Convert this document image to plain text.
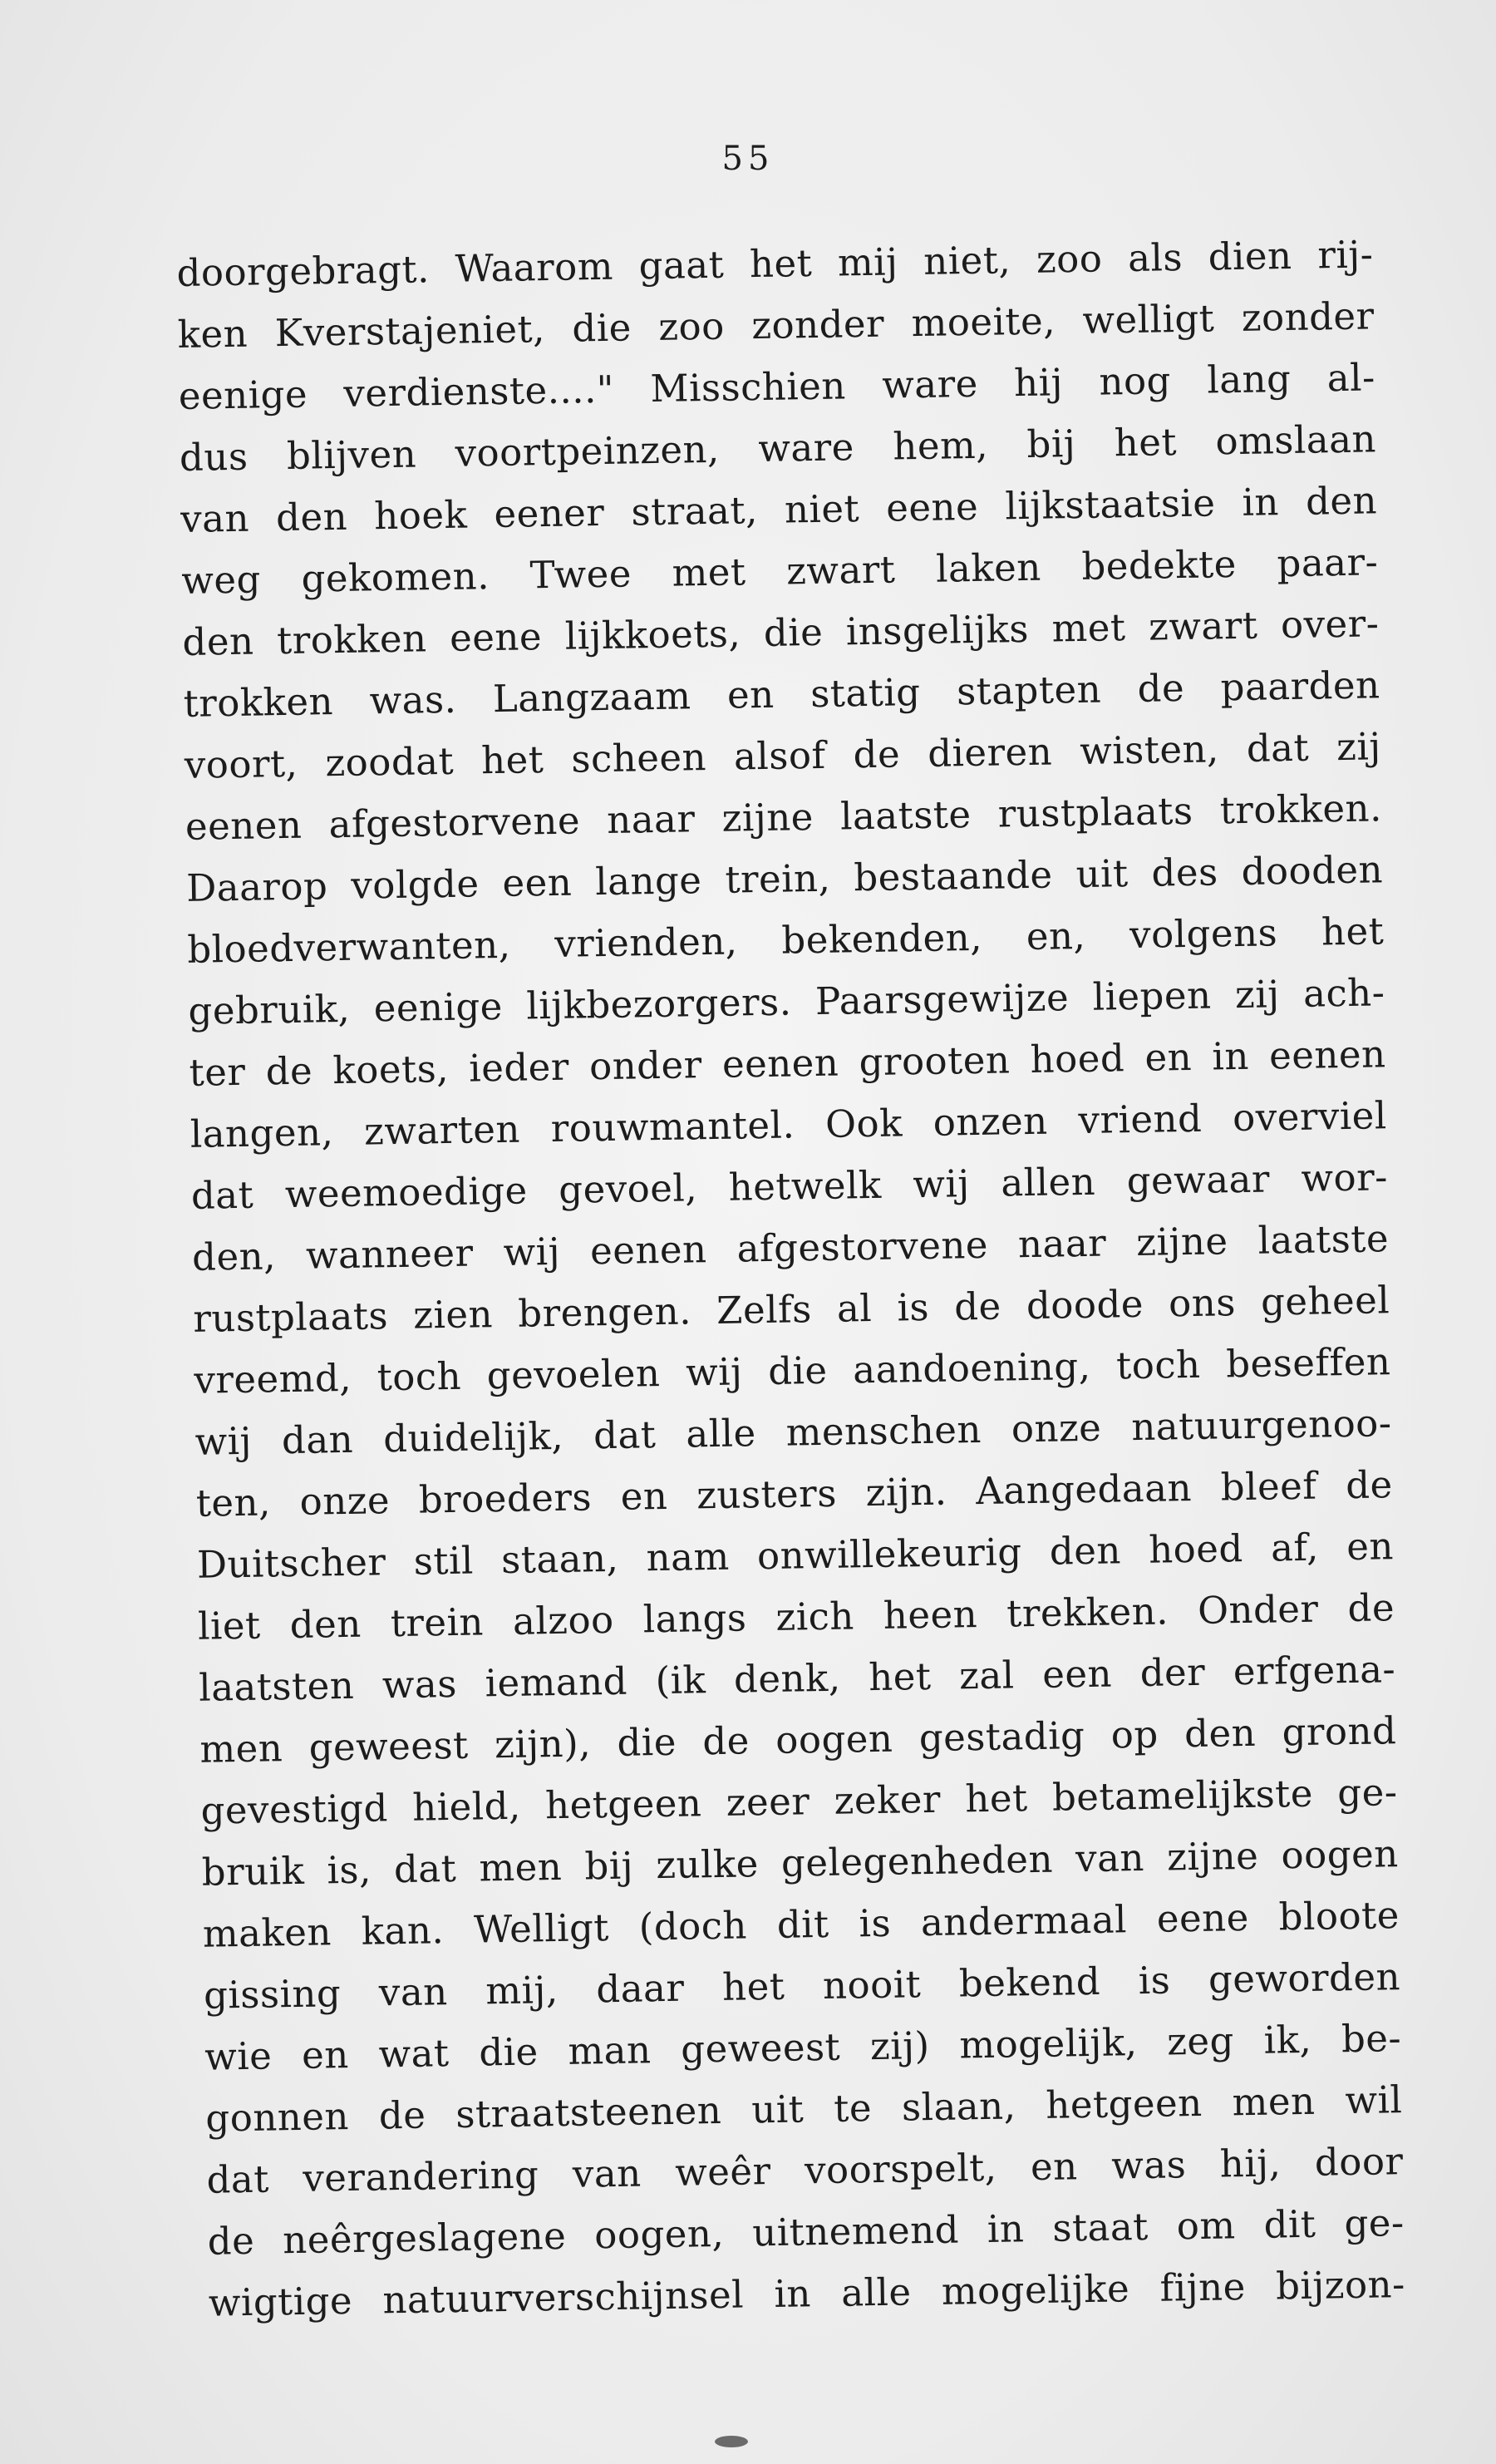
55
doorgebragt. Waarom gaat het mij niet, zoo als dien rij-
ken Kverstajeniet, die zoo zonder moeite, welligt zonder
eenige verdienste...." Misschien ware hij nog lang al-
dus blijven voortpeinzen, ware hem, bij het omslaan
van den hoek eener straat, niet eene lijkstaatsie in den
weg gekomen. Twee met zwart laken bedekte paar-
den trokken eene lijkkoets, die insgelijks met zwart over-
trokken was. Langzaam en statig stapten de paarden
voort, zoodat het scheen alsof de dieren wisten, dat zij
eenen afgestorvene naar zijne laatste rustplaats trokken.
Daarop volgde een lange trein, bestaande uit des dooden
bloedverwanten, vrienden, bekenden, en, volgens het
gebruik, eenige lijkbezorgers. Paarsgewijze liepen zij ach-
ter de koets, ieder onder eenen grooten hoed en in eenen
langen, zwarten rouwmantel. Ook onzen vriend overviel
dat weemoedige gevoel, hetwelk wij allen gewaar wor-
den, wanneer wij eenen afgestorvene naar zijne laatste
rustplaats zien brengen. Zelfs al is de doode ons geheel
vreemd, toch gevoelen wij die aandoening, toch beseffen
wij dan duidelijk, dat alle menschen onze natuurgenoo-
ten, onze broeders en zusters zijn. Aangedaan bleef de
Duitscher stil staan, nam onwillekeurig den hoed af, en
liet den trein alzoo langs zich heen trekken. Onder de
laatsten was iemand (ik denk, het zal een der erfgena-
men geweest zijn), die de oogen gestadig op den grond
gevestigd hield, hetgeen zeer zeker het betamelijkste ge-
bruik is, dat men bij zulke gelegenheden van zijne oogen
maken kan. Welligt (doch dit is andermaal eene bloote
gissing van mij, daar het nooit bekend is geworden
wie en wat die man geweest zij) mogelijk, zeg ik, be-
gonnen de straatsteenen uit te slaan, hetgeen men wil
dat verandering van weêr voorspelt, en was hij, door
de neêrgeslagene oogen, uitnemend in staat om dit ge-
wigtige natuurverschijnsel in alle mogelijke fijne bijzon-
